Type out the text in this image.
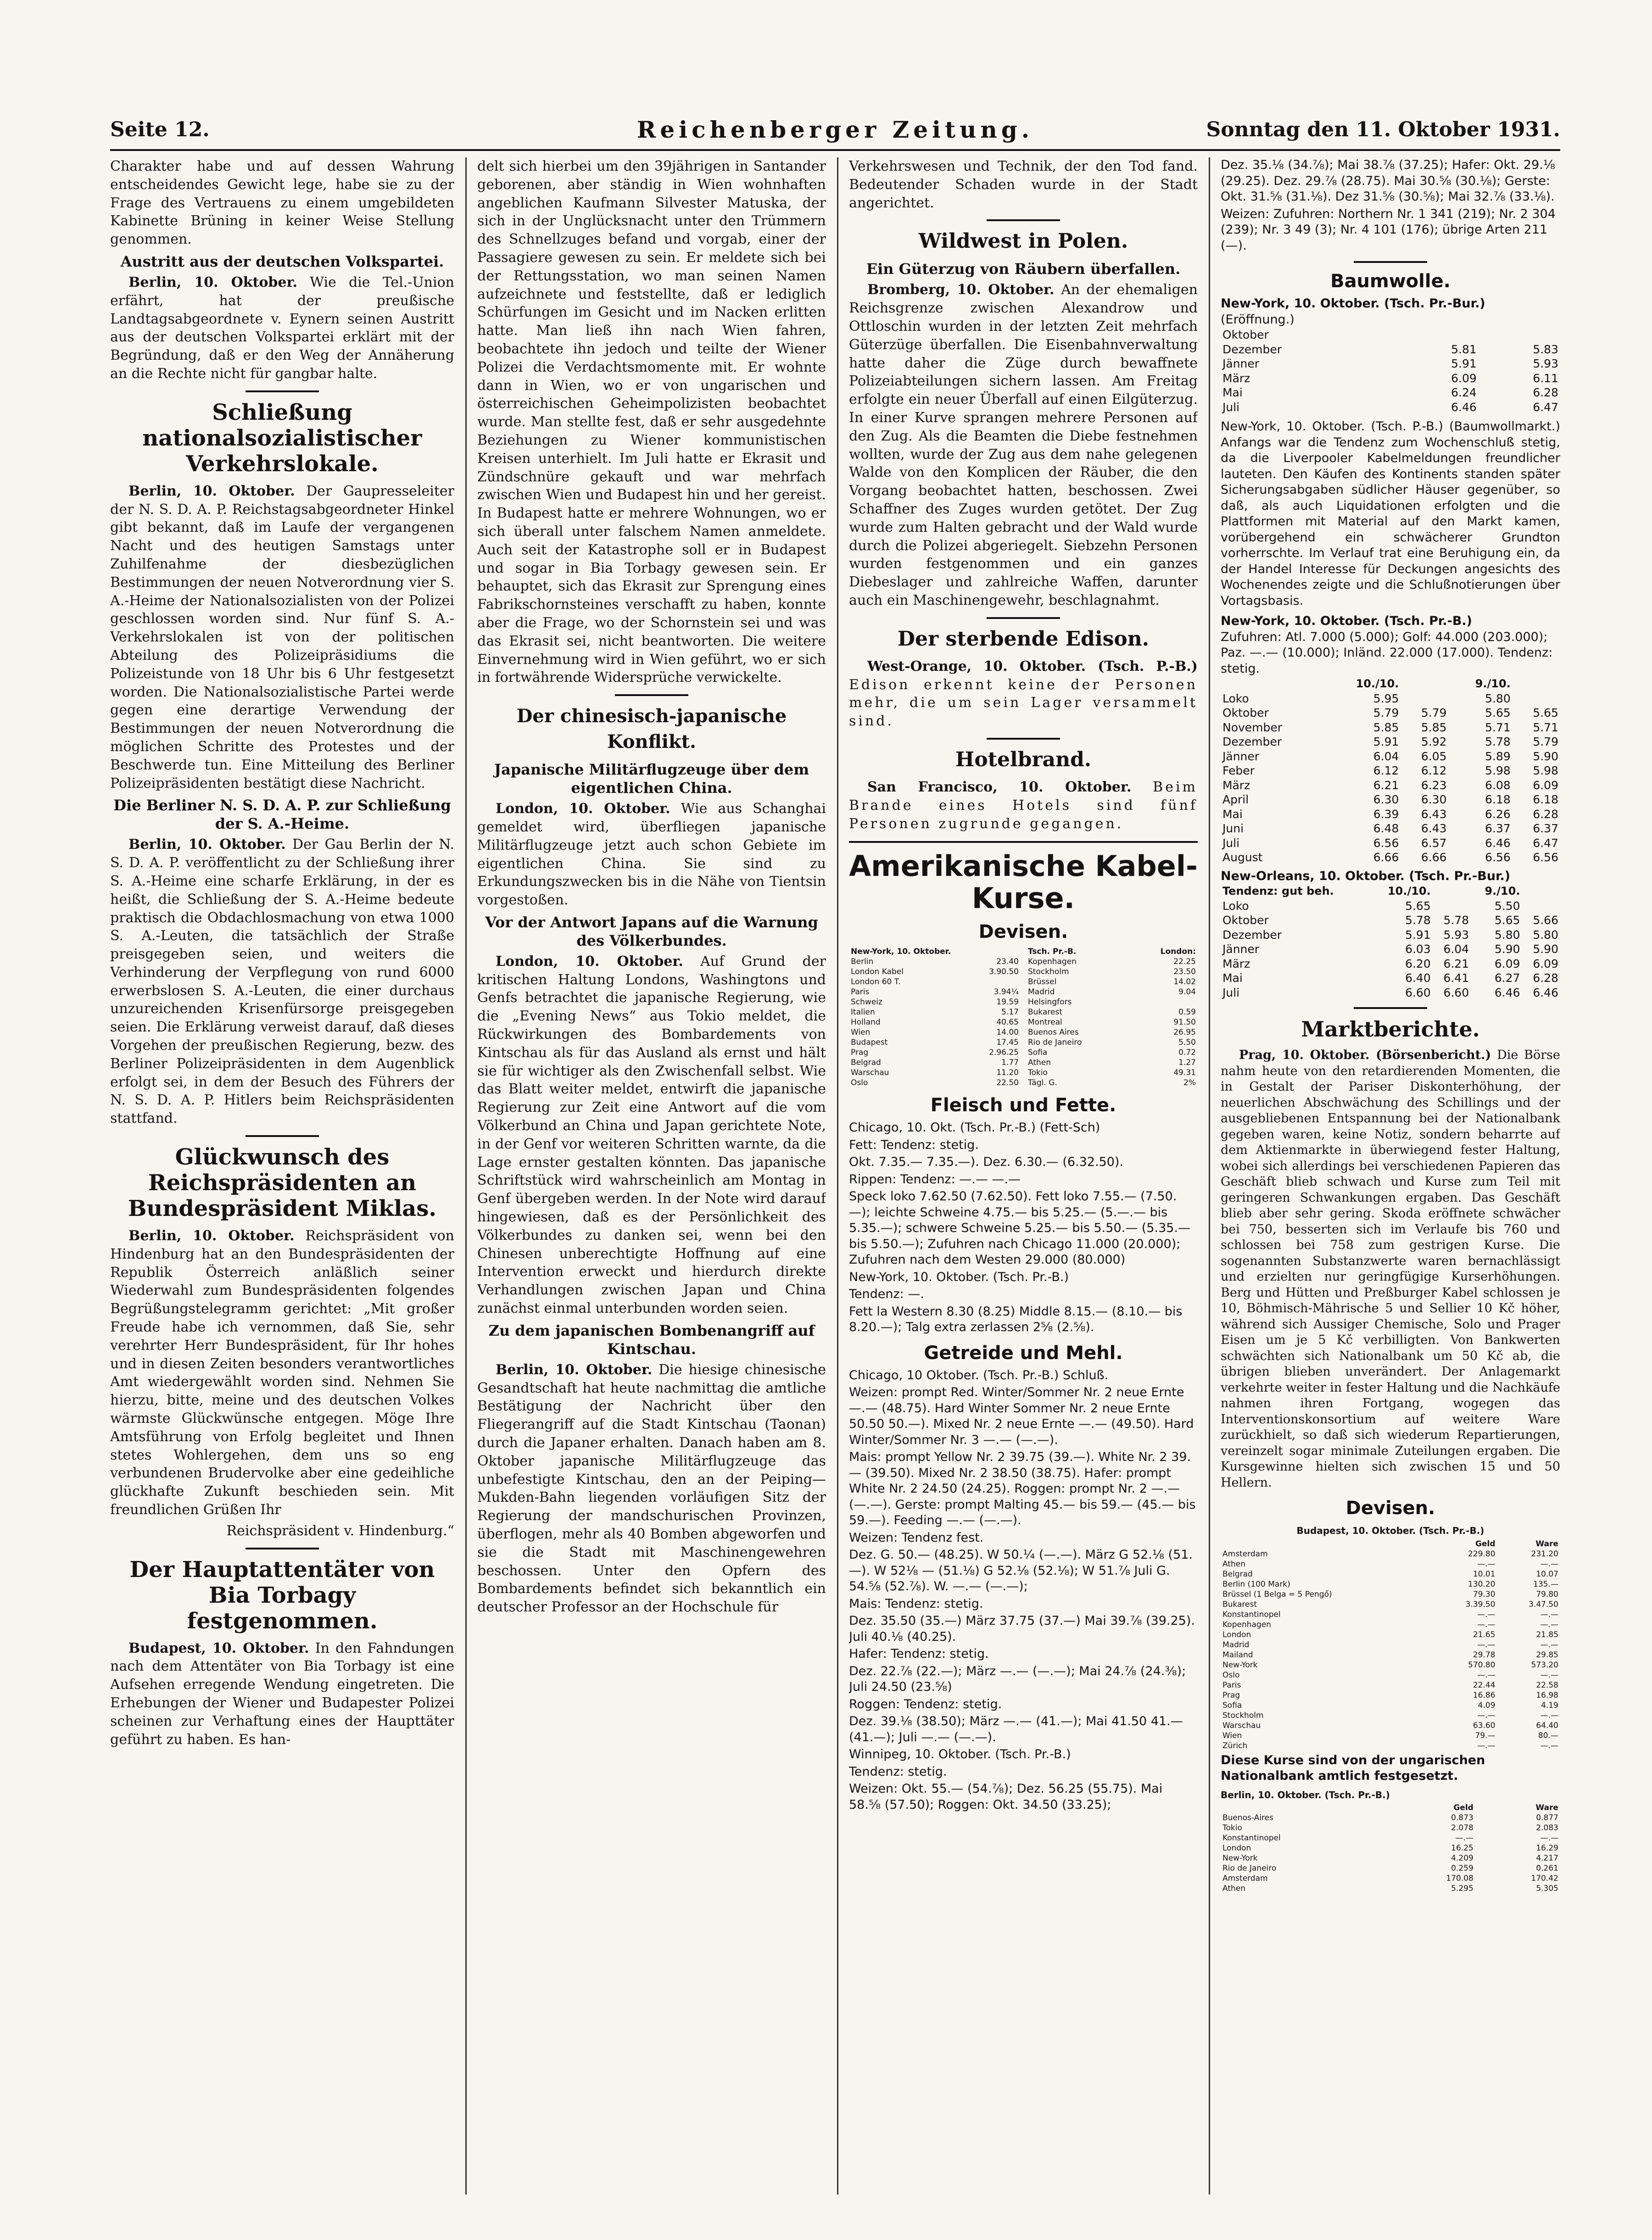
Seite 12.	Reichenberger Zeitung.	Sonntag den 11. Oktober 1931.

Charakter habe und auf dessen Wahrung entscheidendes Gewicht lege, habe sie zu der Frage des Vertrauens zu einem umgebildeten Kabinette Brüning in keiner Weise Stellung genommen.

Austritt aus der deutschen Volkspartei.

Berlin, 10. Oktober. Wie die Tel.-Union erfährt, hat der preußische Landtagsabgeordnete v. Eynern seinen Austritt aus der deutschen Volkspartei erklärt mit der Begründung, daß er den Weg der Annäherung an die Rechte nicht für gangbar halte.

Schließung nationalsozialistischer Verkehrslokale.

Berlin, 10. Oktober. Der Gaupresseleiter der N. S. D. A. P. Reichstagsabgeordneter Hinkel gibt bekannt, daß im Laufe der vergangenen Nacht und des heutigen Samstags unter Zuhilfenahme der diesbezüglichen Bestimmungen der neuen Notverordnung vier S. A.-Heime der Nationalsozialisten von der Polizei geschlossen worden sind. Nur fünf S. A.-Verkehrslokalen ist von der politischen Abteilung des Polizeipräsidiums die Polizeistunde von 18 Uhr bis 6 Uhr festgesetzt worden. Die Nationalsozialistische Partei werde gegen eine derartige Verwendung der Bestimmungen der neuen Notverordnung die möglichen Schritte des Protestes und der Beschwerde tun. Eine Mitteilung des Berliner Polizeipräsidenten bestätigt diese Nachricht.

Die Berliner N. S. D. A. P. zur Schließung der S. A.-Heime.

Berlin, 10. Oktober. Der Gau Berlin der N. S. D. A. P. veröffentlicht zu der Schließung ihrer S. A.-Heime eine scharfe Erklärung, in der es heißt, die Schließung der S. A.-Heime bedeute praktisch die Obdachlosmachung von etwa 1000 S. A.-Leuten, die tatsächlich der Straße preisgegeben seien, und weiters die Verhinderung der Verpflegung von rund 6000 erwerbslosen S. A.-Leuten, die einer durchaus unzureichenden Krisenfürsorge preisgegeben seien. Die Erklärung verweist darauf, daß dieses Vorgehen der preußischen Regierung, bezw. des Berliner Polizeipräsidenten in dem Augenblick erfolgt sei, in dem der Besuch des Führers der N. S. D. A. P. Hitlers beim Reichspräsidenten stattfand.

Glückwunsch des Reichspräsidenten an Bundespräsident Miklas.

Berlin, 10. Oktober. Reichspräsident von Hindenburg hat an den Bundespräsidenten der Republik Österreich anläßlich seiner Wiederwahl zum Bundespräsidenten folgendes Begrüßungstelegramm gerichtet: „Mit großer Freude habe ich vernommen, daß Sie, sehr verehrter Herr Bundespräsident, für Ihr hohes und in diesen Zeiten besonders verantwortliches Amt wiedergewählt worden sind. Nehmen Sie hierzu, bitte, meine und des deutschen Volkes wärmste Glückwünsche entgegen. Möge Ihre Amtsführung von Erfolg begleitet und Ihnen stetes Wohlergehen, dem uns so eng verbundenen Brudervolke aber eine gedeihliche glückhafte Zukunft beschieden sein. Mit freundlichen Grüßen Ihr

Reichspräsident v. Hindenburg.“

Der Hauptattentäter von Bia Torbagy festgenommen.

Budapest, 10. Oktober. In den Fahndungen nach dem Attentäter von Bia Torbagy ist eine Aufsehen erregende Wendung eingetreten. Die Erhebungen der Wiener und Budapester Polizei scheinen zur Verhaftung eines der Haupttäter geführt zu haben. Es han-

delt sich hierbei um den 39jährigen in Santander geborenen, aber ständig in Wien wohnhaften angeblichen Kaufmann Silvester Matuska, der sich in der Unglücksnacht unter den Trümmern des Schnellzuges befand und vorgab, einer der Passagiere gewesen zu sein. Er meldete sich bei der Rettungsstation, wo man seinen Namen aufzeichnete und feststellte, daß er lediglich Schürfungen im Gesicht und im Nacken erlitten hatte. Man ließ ihn nach Wien fahren, beobachtete ihn jedoch und teilte der Wiener Polizei die Verdachtsmomente mit. Er wohnte dann in Wien, wo er von ungarischen und österreichischen Geheimpolizisten beobachtet wurde. Man stellte fest, daß er sehr ausgedehnte Beziehungen zu Wiener kommunistischen Kreisen unterhielt. Im Juli hatte er Ekrasit und Zündschnüre gekauft und war mehrfach zwischen Wien und Budapest hin und her gereist. In Budapest hatte er mehrere Wohnungen, wo er sich überall unter falschem Namen anmeldete. Auch seit der Katastrophe soll er in Budapest und sogar in Bia Torbagy gewesen sein. Er behauptet, sich das Ekrasit zur Sprengung eines Fabrikschornsteines verschafft zu haben, konnte aber die Frage, wo der Schornstein sei und was das Ekrasit sei, nicht beantworten. Die weitere Einvernehmung wird in Wien geführt, wo er sich in fortwährende Widersprüche verwickelte.

Der chinesisch-japanische Konflikt.
Japanische Militärflugzeuge über dem eigentlichen China.

London, 10. Oktober. Wie aus Schanghai gemeldet wird, überfliegen japanische Militärflugzeuge jetzt auch schon Gebiete im eigentlichen China. Sie sind zu Erkundungszwecken bis in die Nähe von Tientsin vorgestoßen.

Vor der Antwort Japans auf die Warnung des Völkerbundes.

London, 10. Oktober. Auf Grund der kritischen Haltung Londons, Washingtons und Genfs betrachtet die japanische Regierung, wie die „Evening News“ aus Tokio meldet, die Rückwirkungen des Bombardements von Kintschau als für das Ausland als ernst und hält sie für wichtiger als den Zwischenfall selbst. Wie das Blatt weiter meldet, entwirft die japanische Regierung zur Zeit eine Antwort auf die vom Völkerbund an China und Japan gerichtete Note, in der Genf vor weiteren Schritten warnte, da die Lage ernster gestalten könnten. Das japanische Schriftstück wird wahrscheinlich am Montag in Genf übergeben werden. In der Note wird darauf hingewiesen, daß es der Persönlichkeit des Völkerbundes zu danken sei, wenn bei den Chinesen unberechtigte Hoffnung auf eine Intervention erweckt und hierdurch direkte Verhandlungen zwischen Japan und China zunächst einmal unterbunden worden seien.

Zu dem japanischen Bombenangriff auf Kintschau.

Berlin, 10. Oktober. Die hiesige chinesische Gesandtschaft hat heute nachmittag die amtliche Bestätigung der Nachricht über den Fliegerangriff auf die Stadt Kintschau (Taonan) durch die Japaner erhalten. Danach haben am 8. Oktober japanische Militärflugzeuge das unbefestigte Kintschau, den an der Peiping—Mukden-Bahn liegenden vorläufigen Sitz der Regierung der mandschurischen Provinzen, überflogen, mehr als 40 Bomben abgeworfen und sie die Stadt mit Maschinengewehren beschossen. Unter den Opfern des Bombardements befindet sich bekanntlich ein deutscher Professor an der Hochschule für

Verkehrswesen und Technik, der den Tod fand. Bedeutender Schaden wurde in der Stadt angerichtet.

Wildwest in Polen.
Ein Güterzug von Räubern überfallen.

Bromberg, 10. Oktober. An der ehemaligen Reichsgrenze zwischen Alexandrow und Ottloschin wurden in der letzten Zeit mehrfach Güterzüge überfallen. Die Eisenbahnverwaltung hatte daher die Züge durch bewaffnete Polizeiabteilungen sichern lassen. Am Freitag erfolgte ein neuer Überfall auf einen Eilgüterzug. In einer Kurve sprangen mehrere Personen auf den Zug. Als die Beamten die Diebe festnehmen wollten, wurde der Zug aus dem nahe gelegenen Walde von den Komplicen der Räuber, die den Vorgang beobachtet hatten, beschossen. Zwei Schaffner des Zuges wurden getötet. Der Zug wurde zum Halten gebracht und der Wald wurde durch die Polizei abgeriegelt. Siebzehn Personen wurden festgenommen und ein ganzes Diebeslager und zahlreiche Waffen, darunter auch ein Maschinengewehr, beschlagnahmt.

Der sterbende Edison.

West-Orange, 10. Oktober. (Tsch. P.-B.) Edison erkennt keine der Personen mehr, die um sein Lager versammelt sind.

Hotelbrand.

San Francisco, 10. Oktober. Beim Brande eines Hotels sind fünf Personen zugrunde gegangen.

Amerikanische Kabel-Kurse.
Devisen.
New-York, 10. Oktober.	
Berlin	23.40
London Kabel	3.90.50
London 60 T.	
Paris	3.94¼
Schweiz	19.59
Italien	5.17
Holland	40.65
Wien	14.00
Budapest	17.45
Prag	2.96.25
Belgrad	1.77
Warschau	11.20
Oslo	22.50
Tsch. Pr.-B.	London:
Kopenhagen	22.25
Stockholm	23.50
Brüssel	14.02
Madrid	9.04
Helsingfors	
Bukarest	0.59
Montreal	91.50
Buenos Aires	26.95
Rio de Janeiro	5.50
Sofia	0.72
Athen	1.27
Tokio	49.31
Tägl. G.	2%
Fleisch und Fette.

Chicago, 10. Okt. (Tsch. Pr.-B.) (Fett-Sch)

Fett: Tendenz: stetig.

Okt. 7.35.— 7.35.—). Dez. 6.30.— (6.32.50).

Rippen: Tendenz: —.— —.—

Speck loko 7.62.50 (7.62.50). Fett loko 7.55.— (7.50.—); leichte Schweine 4.75.— bis 5.25.— (5.—.— bis 5.35.—); schwere Schweine 5.25.— bis 5.50.— (5.35.— bis 5.50.—); Zufuhren nach Chicago 11.000 (20.000); Zufuhren nach dem Westen 29.000 (80.000)

New-York, 10. Oktober. (Tsch. Pr.-B.)

Tendenz: —.

Fett la Western 8.30 (8.25) Middle 8.15.— (8.10.— bis 8.20.—); Talg extra zerlassen 2⅝ (2.⅝).

Getreide und Mehl.

Chicago, 10 Oktober. (Tsch. Pr.-B.) Schluß.

Weizen: prompt Red. Winter/Sommer Nr. 2 neue Ernte —.— (48.75). Hard Winter Sommer Nr. 2 neue Ernte 50.50 50.—). Mixed Nr. 2 neue Ernte —.— (49.50). Hard Winter/Sommer Nr. 3 —.— (—.—).

Mais: prompt Yellow Nr. 2 39.75 (39.—). White Nr. 2 39.— (39.50). Mixed Nr. 2 38.50 (38.75). Hafer: prompt White Nr. 2 24.50 (24.25). Roggen: prompt Nr. 2 —.— (—.—). Gerste: prompt Malting 45.— bis 59.— (45.— bis 59.—). Feeding —.— (—.—).

Weizen: Tendenz fest.

Dez. G. 50.— (48.25). W 50.¼ (—.—). März G 52.⅛ (51.—). W 52⅛ — (51.⅛) G 52.⅛ (52.⅛); W 51.⅞ Juli G. 54.⅝ (52.⅞). W. —.— (—.—);

Mais: Tendenz: stetig.

Dez. 35.50 (35.—) März 37.75 (37.—) Mai 39.⅞ (39.25). Juli 40.⅛ (40.25).

Hafer: Tendenz: stetig.

Dez. 22.⅞ (22.—); März —.— (—.—); Mai 24.⅞ (24.⅜); Juli 24.50 (23.⅝)

Roggen: Tendenz: stetig.

Dez. 39.⅛ (38.50); März —.— (41.—); Mai 41.50 41.— (41.—); Juli —.— (—.—).

Winnipeg, 10. Oktober. (Tsch. Pr.-B.)

Tendenz: stetig.

Weizen: Okt. 55.— (54.⅞); Dez. 56.25 (55.75). Mai 58.⅝ (57.50); Roggen: Okt. 34.50 (33.25);

Dez. 35.⅛ (34.⅞); Mai 38.⅞ (37.25); Hafer: Okt. 29.⅛ (29.25). Dez. 29.⅞ (28.75). Mai 30.⅝ (30.⅛); Gerste: Okt. 31.⅝ (31.⅛). Dez 31.⅝ (30.⅝); Mai 32.⅞ (33.⅛).

Weizen: Zufuhren: Northern Nr. 1 341 (219); Nr. 2 304 (239); Nr. 3 49 (3); Nr. 4 101 (176); übrige Arten 211 (—).

Baumwolle.
New-York, 10. Oktober. (Tsch. Pr.-Bur.)
(Eröffnung.)
Oktober		
Dezember	5.81	5.83
Jänner	5.91	5.93
März	6.09	6.11
Mai	6.24	6.28
Juli	6.46	6.47
New-York, 10. Oktober. (Tsch. P.-B.) (Baumwollmarkt.) Anfangs war die Tendenz zum Wochenschluß stetig, da die Liverpooler Kabelmeldungen freundlicher lauteten. Den Käufen des Kontinents standen später Sicherungsabgaben südlicher Häuser gegenüber, so daß, als auch Liquidationen erfolgten und die Plattformen mit Material auf den Markt kamen, vorübergehend ein schwächerer Grundton vorherrschte. Im Verlauf trat eine Beruhigung ein, da der Handel Interesse für Deckungen angesichts des Wochenendes zeigte und die Schlußnotierungen über Vortagsbasis.
New-York, 10. Oktober. (Tsch. Pr.-B.)
Zufuhren: Atl. 7.000 (5.000); Golf: 44.000 (203.000); Paz. —.— (10.000); Inländ. 22.000 (17.000). Tendenz: stetig.
	10./10.		9./10.	
Loko	5.95		5.80	
Oktober	5.79	5.79	5.65	5.65
November	5.85	5.85	5.71	5.71
Dezember	5.91	5.92	5.78	5.79
Jänner	6.04	6.05	5.89	5.90
Feber	6.12	6.12	5.98	5.98
März	6.21	6.23	6.08	6.09
April	6.30	6.30	6.18	6.18
Mai	6.39	6.43	6.26	6.28
Juni	6.48	6.43	6.37	6.37
Juli	6.56	6.57	6.46	6.47
August	6.66	6.66	6.56	6.56
New-Orleans, 10. Oktober. (Tsch. Pr.-Bur.)
Tendenz: gut beh.	10./10.		9./10.	
Loko	5.65		5.50	
Oktober	5.78	5.78	5.65	5.66
Dezember	5.91	5.93	5.80	5.80
Jänner	6.03	6.04	5.90	5.90
März	6.20	6.21	6.09	6.09
Mai	6.40	6.41	6.27	6.28
Juli	6.60	6.60	6.46	6.46
Marktberichte.

Prag, 10. Oktober. (Börsenbericht.) Die Börse nahm heute von den retardierenden Momenten, die in Gestalt der Pariser Diskonterhöhung, der neuerlichen Abschwächung des Schillings und der ausgebliebenen Entspannung bei der Nationalbank gegeben waren, keine Notiz, sondern beharrte auf dem Aktienmarkte in überwiegend fester Haltung, wobei sich allerdings bei verschiedenen Papieren das Geschäft blieb schwach und Kurse zum Teil mit geringeren Schwankungen ergaben. Das Geschäft blieb aber sehr gering. Skoda eröffnete schwächer bei 750, besserten sich im Verlaufe bis 760 und schlossen bei 758 zum gestrigen Kurse. Die sogenannten Substanzwerte waren bernachlässigt und erzielten nur geringfügige Kurserhöhungen. Berg und Hütten und Preßburger Kabel schlossen je 10, Böhmisch-Mährische 5 und Sellier 10 Kč höher, während sich Aussiger Chemische, Solo und Prager Eisen um je 5 Kč verbilligten. Von Bankwerten schwächten sich Nationalbank um 50 Kč ab, die übrigen blieben unverändert. Der Anlagemarkt verkehrte weiter in fester Haltung und die Nachkäufe nahmen ihren Fortgang, wogegen das Interventionskonsortium auf weitere Ware zurückhielt, so daß sich wiederum Repartierungen, vereinzelt sogar minimale Zuteilungen ergaben. Die Kursgewinne hielten sich zwischen 15 und 50 Hellern.

Devisen.
Budapest, 10. Oktober. (Tsch. Pr.-B.)
	Geld	Ware
Amsterdam	229.80	231.20
Athen	—.—	—.—
Belgrad	10.01	10.07
Berlin (100 Mark)	130.20	135.—
Brüssel (1 Belga = 5 Pengő)	79.30	79.80
Bukarest	3.39.50	3.47.50
Konstantinopel	—.—	—.—
Kopenhagen	—.—	—.—
London	21.65	21.85
Madrid	—.—	—.—
Mailand	29.78	29.85
New-York	570.80	573.20
Oslo	—.—	—.—
Paris	22.44	22.58
Prag	16.86	16.98
Sofia	4.09	4.19
Stockholm	—.—	—.—
Warschau	63.60	64.40
Wien	79.—	80.—
Zürich	—.—	—.—
Diese Kurse sind von der ungarischen Nationalbank amtlich festgesetzt.
Berlin, 10. Oktober. (Tsch. Pr.-B.)
	Geld	Ware
Buenos-Aires	0.873	0.877
Tokio	2.078	2.083
Konstantinopel	—.—	—.—
London	16.25	16.29
New-York	4.209	4.217
Rio de Janeiro	0.259	0.261
Amsterdam	170.08	170.42
Athen	5.295	5.305
